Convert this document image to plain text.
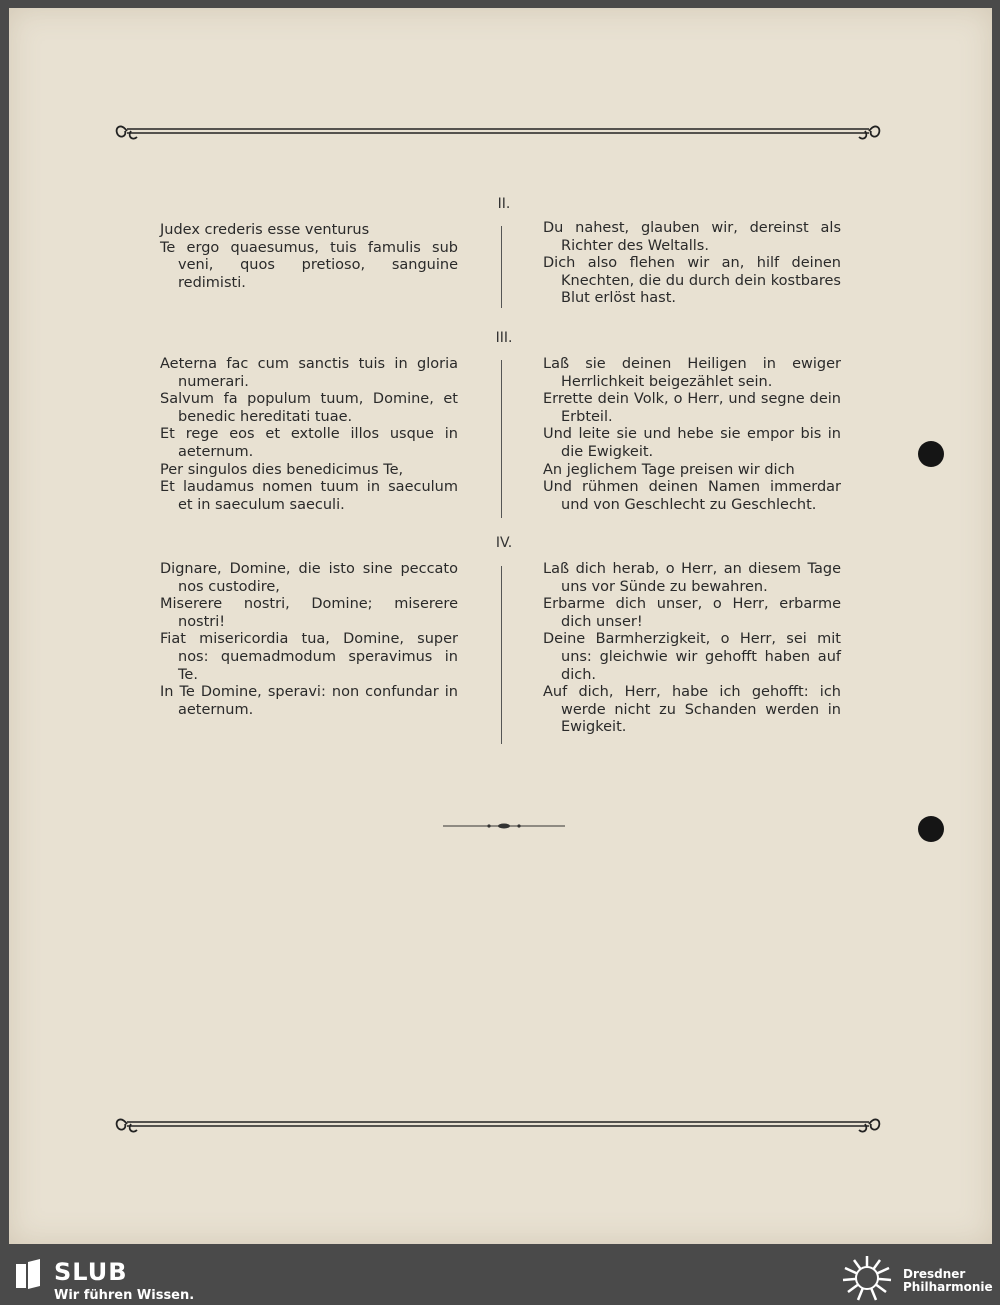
II.
Judex crederis esse venturus
Te ergo quaesumus, tuis famulis sub veni, quos pretioso, sanguine redimisti.
Du nahest, glauben wir, dereinst als Richter des Weltalls.
Dich also flehen wir an, hilf deinen Knechten, die du durch dein kostbares Blut erlöst hast.
III.
Aeterna fac cum sanctis tuis in gloria numerari.
Salvum fa populum tuum, Domine, et benedic hereditati tuae.
Et rege eos et extolle illos usque in aeternum.
Per singulos dies benedicimus Te,
Et laudamus nomen tuum in saeculum et in saeculum saeculi.
Laß sie deinen Heiligen in ewiger Herrlichkeit beigezählet sein.
Errette dein Volk, o Herr, und segne dein Erbteil.
Und leite sie und hebe sie empor bis in die Ewigkeit.
An jeglichem Tage preisen wir dich
Und rühmen deinen Namen immerdar und von Geschlecht zu Geschlecht.
IV.
Dignare, Domine, die isto sine peccato nos custodire,
Miserere nostri, Domine; miserere nostri!
Fiat misericordia tua, Domine, super nos: quemadmodum speravimus in Te.
In Te Domine, speravi: non confundar in aeternum.
Laß dich herab, o Herr, an diesem Tage uns vor Sünde zu bewahren.
Erbarme dich unser, o Herr, erbarme dich unser!
Deine Barmherzigkeit, o Herr, sei mit uns: gleichwie wir gehofft haben auf dich.
Auf dich, Herr, habe ich gehofft: ich werde nicht zu Schanden werden in Ewigkeit.
SLUB
Wir führen Wissen.
Dresdner
Philharmonie
